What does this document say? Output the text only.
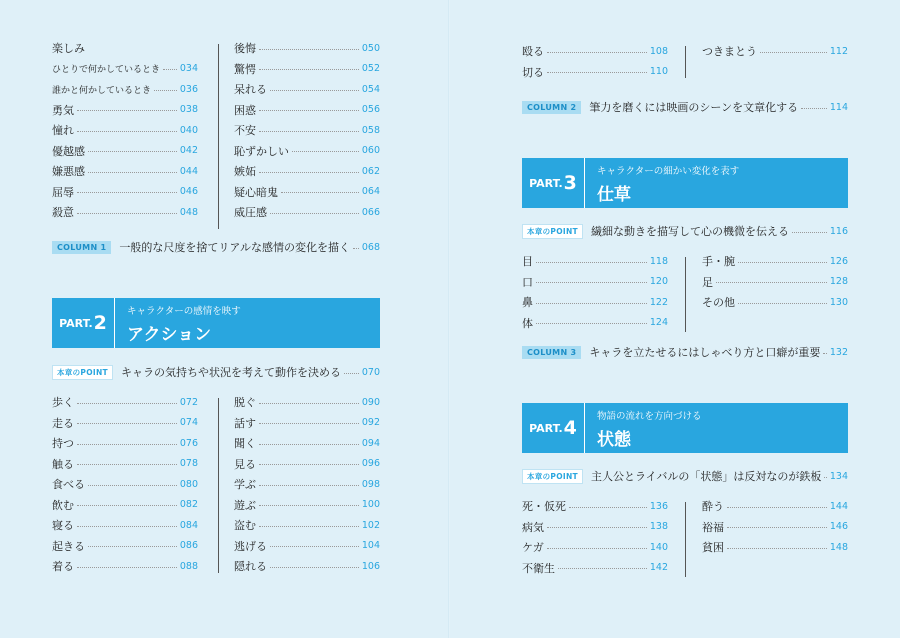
楽しみ
ひとりで何かしているとき 034
誰かと何かしているとき	036
勇気	038
憧れ	040
優越感	042
嫌悪感	044
屈辱	046
殺意	048
後悔	050
驚愕	052
呆れる	054
困惑	056
不安	058
恥ずかしい	060
嫉妬	062
疑心暗鬼	064
威圧感	066
COLUMN 1	一般的な尺度を捨てリアルな感情の変化を描く 068
PART. 2
キャラクターの感情を映す
アクション
本章のPOINT	キャラの気持ちや状況を考えて動作を決める 070
歩く	072
走る	074
持つ	076
触る	078
食べる	080
飲む	082
寝る	084
起きる	086
着る	088
脱ぐ	090
話す	092
聞く	094
見る	096
学ぶ	098
遊ぶ	100
盗む	102
逃げる	104
隠れる	106
殴る	108
切る	110
つきまとう	112
COLUMN 2	筆力を磨くには映画のシーンを文章化する	114
PART. 3
キャラクターの細かい変化を表す
仕草
本章のPOINT	繊細な動きを描写して心の機微を伝える	116
目	118
口	120
鼻	122
体	124
手・腕	126
足	128
その他	130
COLUMN 3	キャラを立たせるにはしゃべり方と口癖が重要 132
PART. 4
物語の流れを方向づける
状態
本章のPOINT	主人公とライバルの「状態」は反対なのが鉄板 134
死・仮死	136
病気	138
ケガ	140
不衛生	142
酔う	144
裕福	146
貧困	148
